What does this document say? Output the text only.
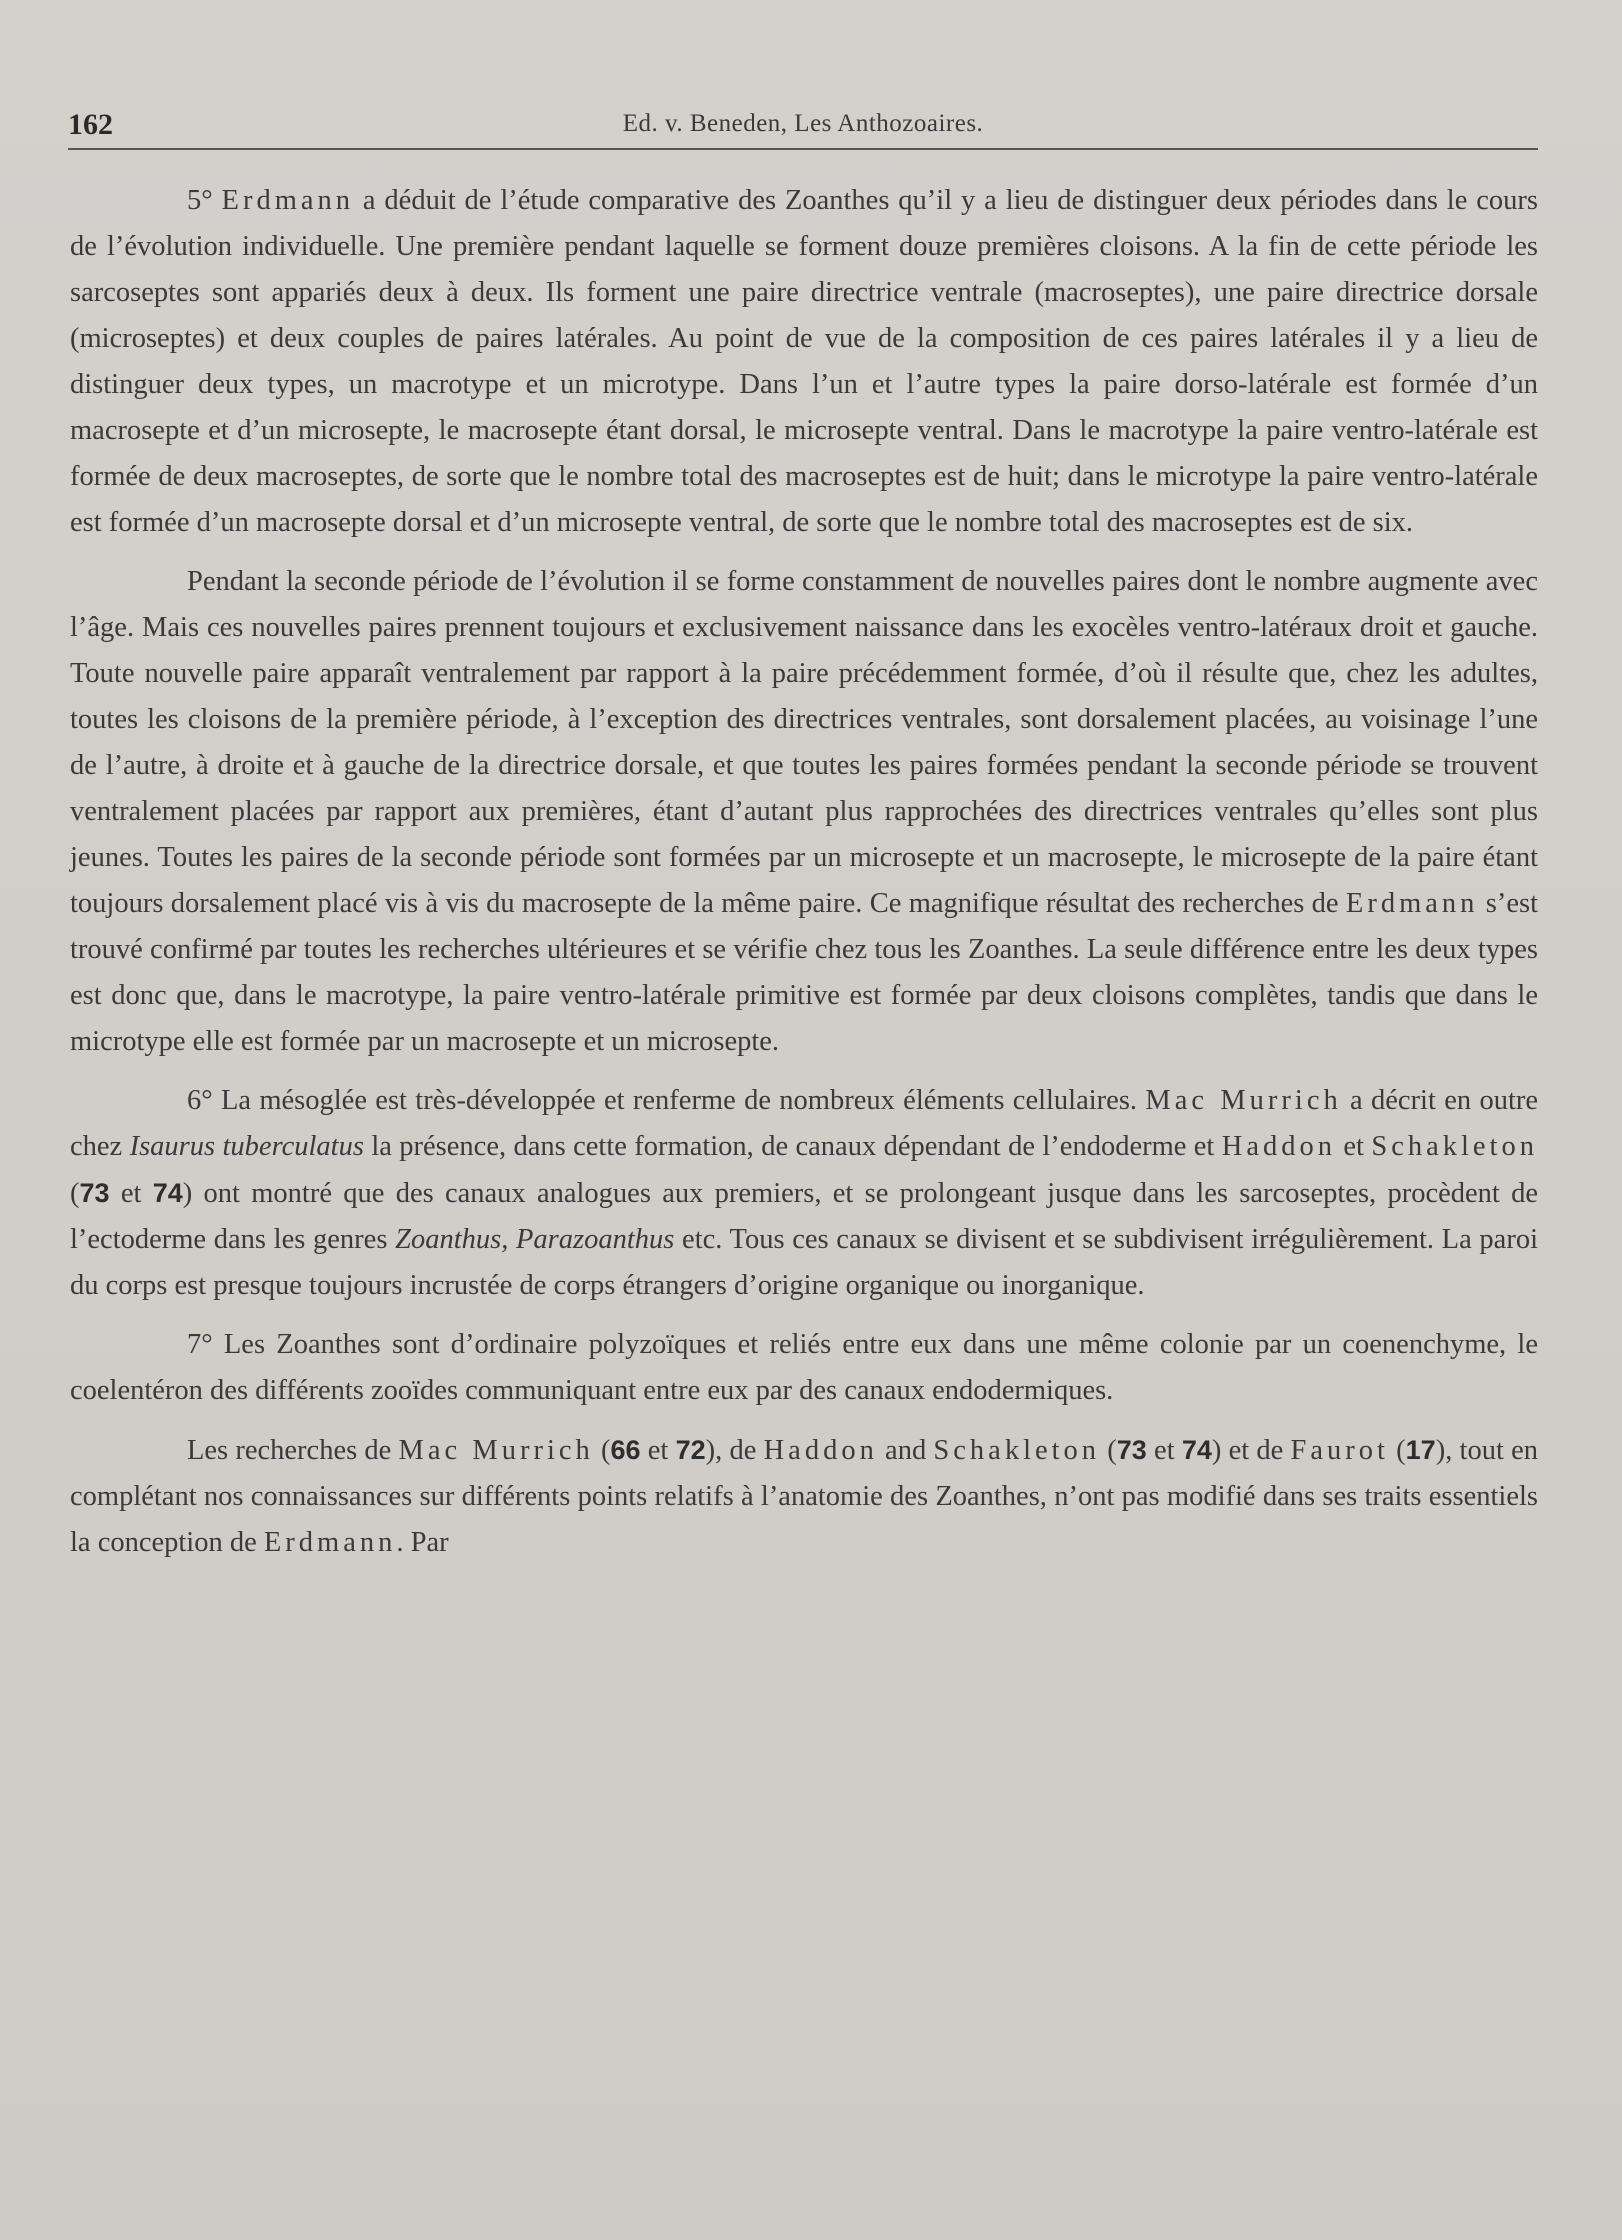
162	Ed. v. Beneden, Les Anthozoaires.

5° Erdmann a déduit de l’étude comparative des Zoanthes qu’il y a lieu de distinguer deux périodes dans le cours de l’évolution individuelle. Une première pendant laquelle se forment douze premières cloisons. A la fin de cette période les sarcoseptes sont appariés deux à deux. Ils forment une paire directrice ventrale (macroseptes), une paire directrice dorsale (microseptes) et deux couples de paires latérales. Au point de vue de la composition de ces paires latérales il y a lieu de distinguer deux types, un macrotype et un microtype. Dans l’un et l’autre types la paire dorso-latérale est formée d’un macrosepte et d’un microsepte, le macrosepte étant dorsal, le microsepte ventral. Dans le macrotype la paire ventro-latérale est formée de deux macroseptes, de sorte que le nombre total des macroseptes est de huit; dans le microtype la paire ventro-latérale est formée d’un macrosepte dorsal et d’un microsepte ventral, de sorte que le nombre total des macroseptes est de six.

Pendant la seconde période de l’évolution il se forme constamment de nouvelles paires dont le nombre augmente avec l’âge. Mais ces nouvelles paires prennent toujours et exclusivement naissance dans les exocèles ventro-latéraux droit et gauche. Toute nouvelle paire apparaît ventralement par rapport à la paire précédemment formée, d’où il résulte que, chez les adultes, toutes les cloisons de la première période, à l’exception des directrices ventrales, sont dorsalement placées, au voisinage l’une de l’autre, à droite et à gauche de la directrice dorsale, et que toutes les paires formées pendant la seconde période se trouvent ventralement placées par rapport aux premières, étant d’autant plus rapprochées des directrices ventrales qu’elles sont plus jeunes. Toutes les paires de la seconde période sont formées par un microsepte et un macrosepte, le microsepte de la paire étant toujours dorsalement placé vis à vis du macrosepte de la même paire. Ce magnifique résultat des recherches de Erdmann s’est trouvé confirmé par toutes les recherches ultérieures et se vérifie chez tous les Zoanthes. La seule différence entre les deux types est donc que, dans le macrotype, la paire ventro-latérale primitive est formée par deux cloisons complètes, tandis que dans le microtype elle est formée par un macrosepte et un microsepte.

6° La mésoglée est très-développée et renferme de nombreux éléments cellulaires. Mac Murrich a décrit en outre chez Isaurus tuberculatus la présence, dans cette formation, de canaux dépendant de l’endoderme et Haddon et Schakleton (73 et 74) ont montré que des canaux analogues aux premiers, et se prolongeant jusque dans les sarcoseptes, procèdent de l’ectoderme dans les genres Zoanthus, Parazoanthus etc. Tous ces canaux se divisent et se subdivisent irrégulièrement. La paroi du corps est presque toujours incrustée de corps étrangers d’origine organique ou inorganique.

7° Les Zoanthes sont d’ordinaire polyzoïques et reliés entre eux dans une même colonie par un coenenchyme, le coelentéron des différents zooïdes communiquant entre eux par des canaux endodermiques.

Les recherches de Mac Murrich (66 et 72), de Haddon and Schakleton (73 et 74) et de Faurot (17), tout en complétant nos connaissances sur différents points relatifs à l’anatomie des Zoanthes, n’ont pas modifié dans ses traits essentiels la conception de Erdmann. Par
